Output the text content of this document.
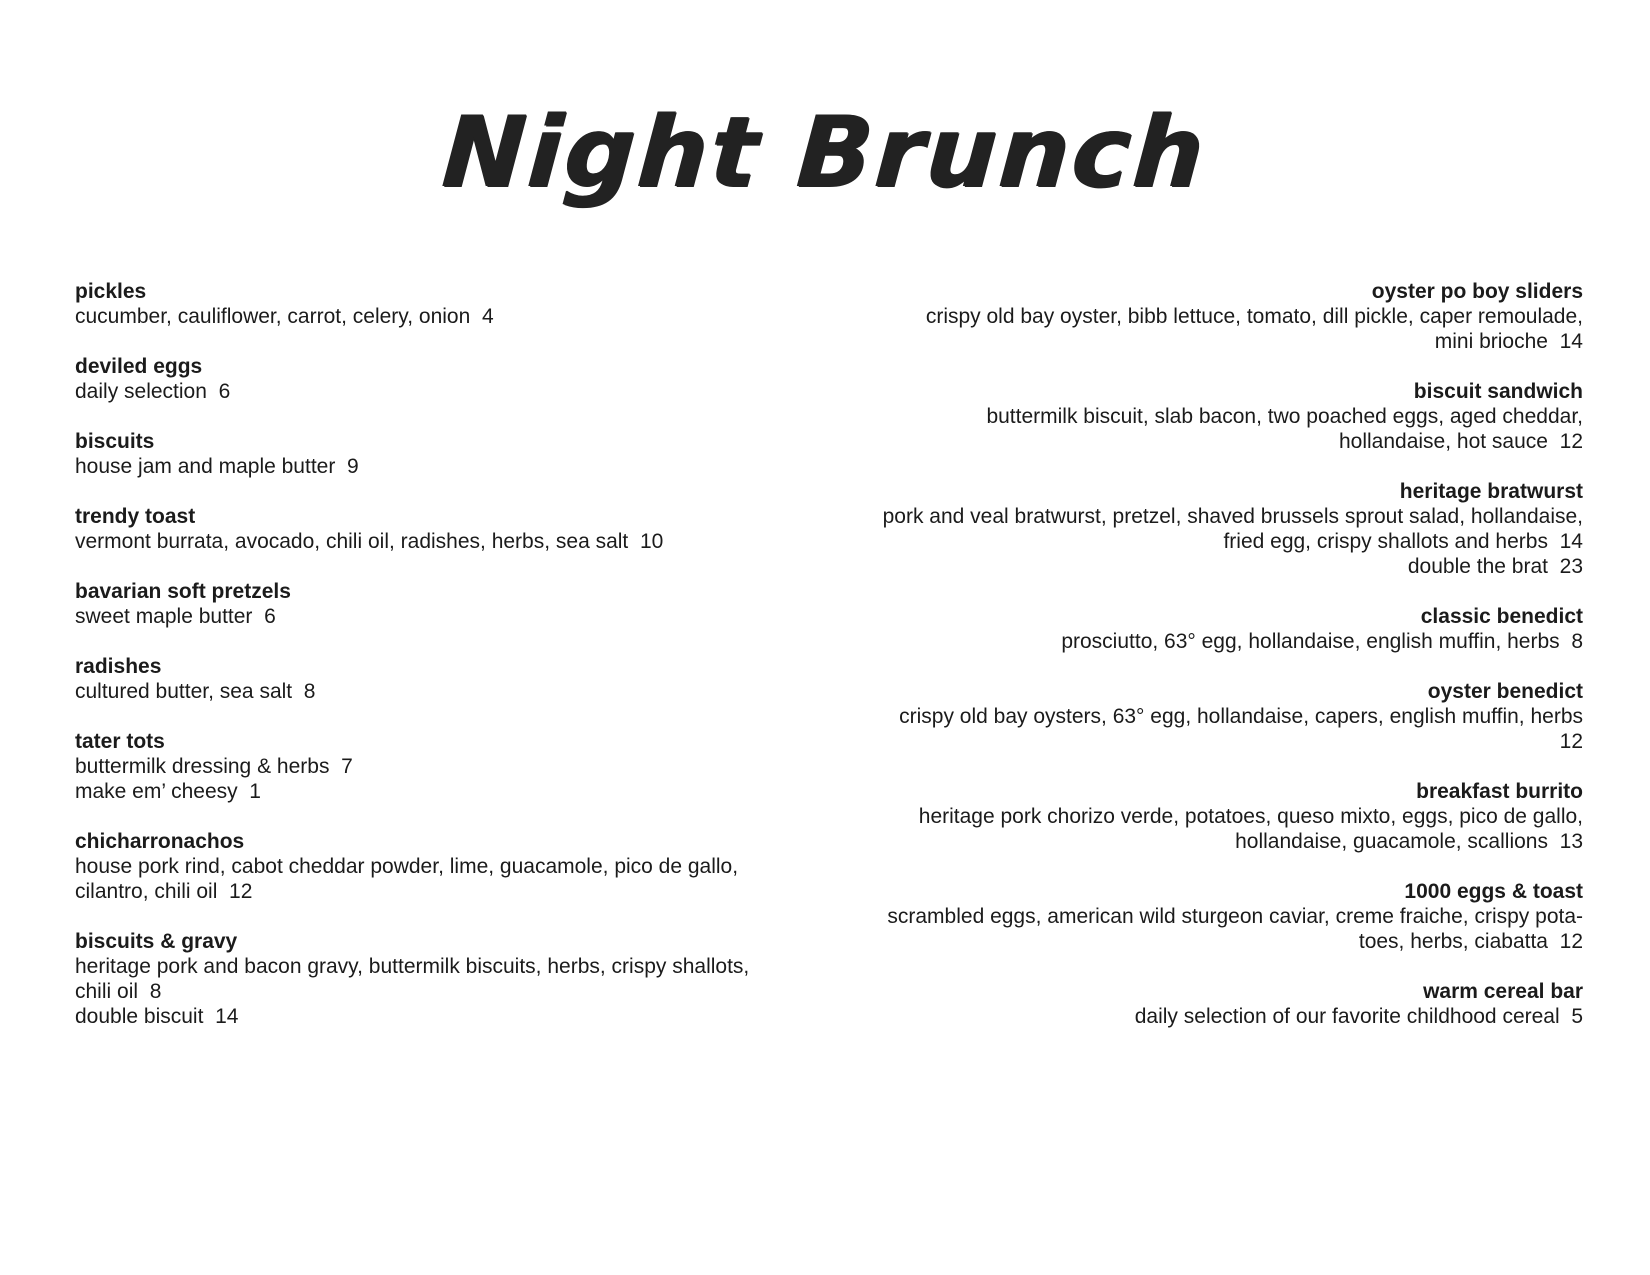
Night Brunch
pickles
cucumber, cauliflower, carrot, celery, onion  4
deviled eggs
daily selection  6
biscuits
house jam and maple butter  9
trendy toast
vermont burrata, avocado, chili oil, radishes, herbs, sea salt  10
bavarian soft pretzels
sweet maple butter  6
radishes
cultured butter, sea salt  8
tater tots
buttermilk dressing & herbs  7
make em’ cheesy  1
chicharronachos
house pork rind, cabot cheddar powder, lime, guacamole, pico de gallo,
cilantro, chili oil  12
biscuits & gravy
heritage pork and bacon gravy, buttermilk biscuits, herbs, crispy shallots,
chili oil  8
double biscuit  14
oyster po boy sliders
crispy old bay oyster, bibb lettuce, tomato, dill pickle, caper remoulade,
mini brioche  14
biscuit sandwich
buttermilk biscuit, slab bacon, two poached eggs, aged cheddar,
hollandaise, hot sauce  12
heritage bratwurst
pork and veal bratwurst, pretzel, shaved brussels sprout salad, hollandaise,
fried egg, crispy shallots and herbs  14
double the brat  23
classic benedict
prosciutto, 63° egg, hollandaise, english muffin, herbs  8
oyster benedict
crispy old bay oysters, 63° egg, hollandaise, capers, english muffin, herbs
12
breakfast burrito
heritage pork chorizo verde, potatoes, queso mixto, eggs, pico de gallo,
hollandaise, guacamole, scallions  13
1000 eggs & toast
scrambled eggs, american wild sturgeon caviar, creme fraiche, crispy pota-
toes, herbs, ciabatta  12
warm cereal bar
daily selection of our favorite childhood cereal  5
